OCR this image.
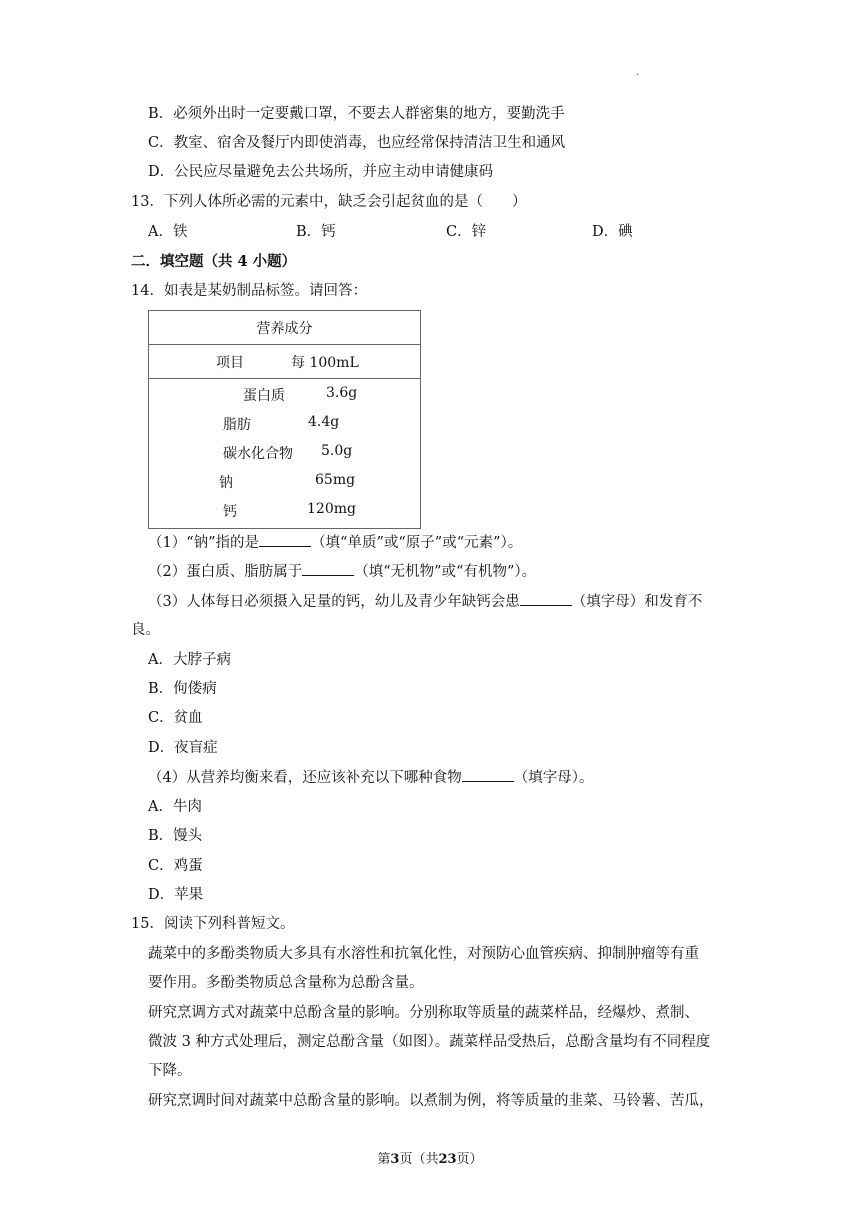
·
B．必须外出时一定要戴口罩，不要去人群密集的地方，要勤洗手
C．教室、宿舍及餐厅内即使消毒，也应经常保持清洁卫生和通风
D．公民应尽量避免去公共场所，并应主动申请健康码
13．下列人体所必需的元素中，缺乏会引起贫血的是（　　）
A．铁	B．钙	C．锌	D．碘
二．填空题（共 4 小题）
14．如表是某奶制品标签。请回答：
营养成分

项目	每 100mL

蛋白质	3.6g
脂肪	4.4g
碳水化合物 5.0g
钠	65mg
钙	120mg
（1）“钠”指的是	（填“单质”或“原子”或“元素”）。
（2）蛋白质、脂肪属于	（填“无机物”或“有机物”）。
（3）人体每日必须摄入足量的钙，幼儿及青少年缺钙会患	（填字母）和发育不
良。
A．大脖子病
B．佝偻病
C．贫血
D．夜盲症
（4）从营养均衡来看，还应该补充以下哪种食物	（填字母）。
A．牛肉
B．馒头
C．鸡蛋
D．苹果
15．阅读下列科普短文。
蔬菜中的多酚类物质大多具有水溶性和抗氧化性，对预防心血管疾病、抑制肿瘤等有重
要作用。多酚类物质总含量称为总酚含量。
研究烹调方式对蔬菜中总酚含量的影响。分别称取等质量的蔬菜样品，经爆炒、煮制、
微波 3 种方式处理后，测定总酚含量（如图）。蔬菜样品受热后，总酚含量均有不同程度
下降。
研究烹调时间对蔬菜中总酚含量的影响。以煮制为例，将等质量的韭菜、马铃薯、苦瓜，
第3页（共23页）
